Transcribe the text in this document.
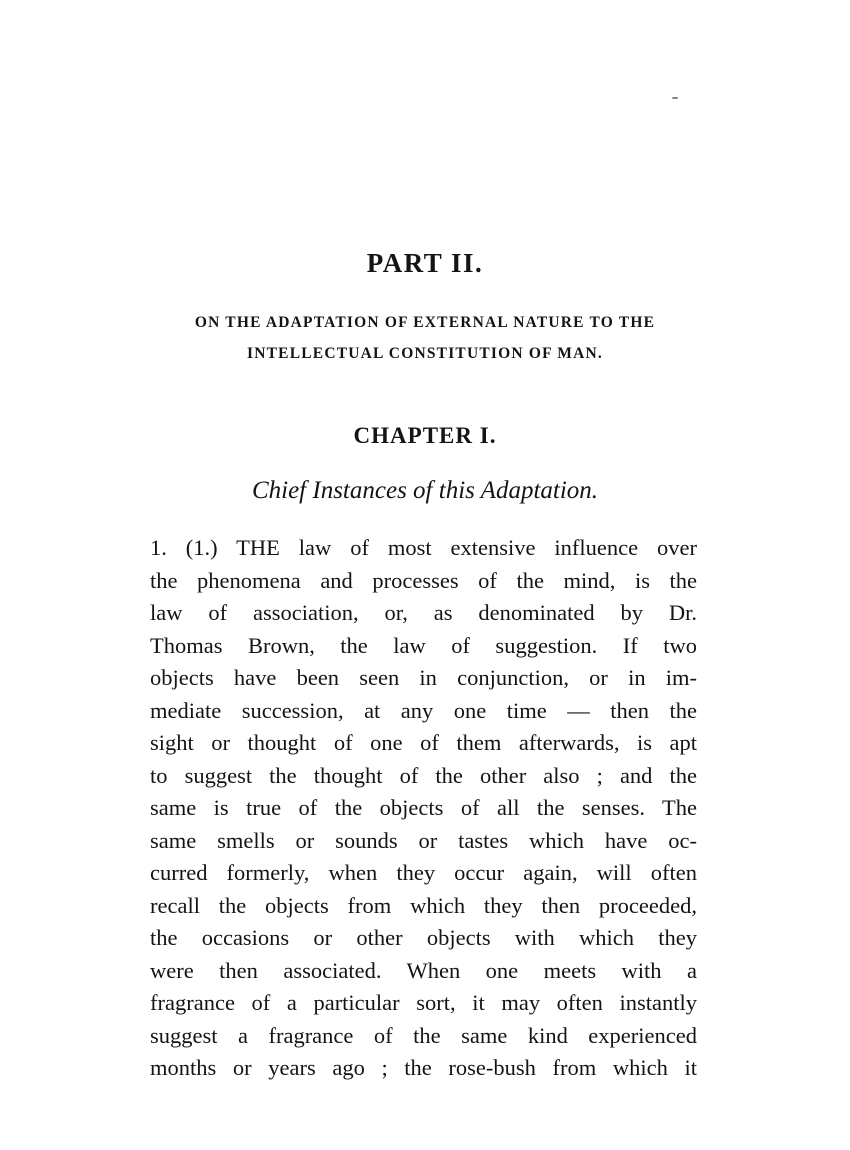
PART II.
ON THE ADAPTATION OF EXTERNAL NATURE TO THE
INTELLECTUAL CONSTITUTION OF MAN.
CHAPTER I.
Chief Instances of this Adaptation.
1. (1.) THE law of most extensive influence over
the phenomena and processes of the mind, is the
law of association, or, as denominated by Dr.
Thomas Brown, the law of suggestion. If two
objects have been seen in conjunction, or in im-
mediate succession, at any one time — then the
sight or thought of one of them afterwards, is apt
to suggest the thought of the other also ; and the
same is true of the objects of all the senses. The
same smells or sounds or tastes which have oc-
curred formerly, when they occur again, will often
recall the objects from which they then proceeded,
the occasions or other objects with which they
were then associated. When one meets with a
fragrance of a particular sort, it may often instantly
suggest a fragrance of the same kind experienced
months or years ago ; the rose-bush from which it
